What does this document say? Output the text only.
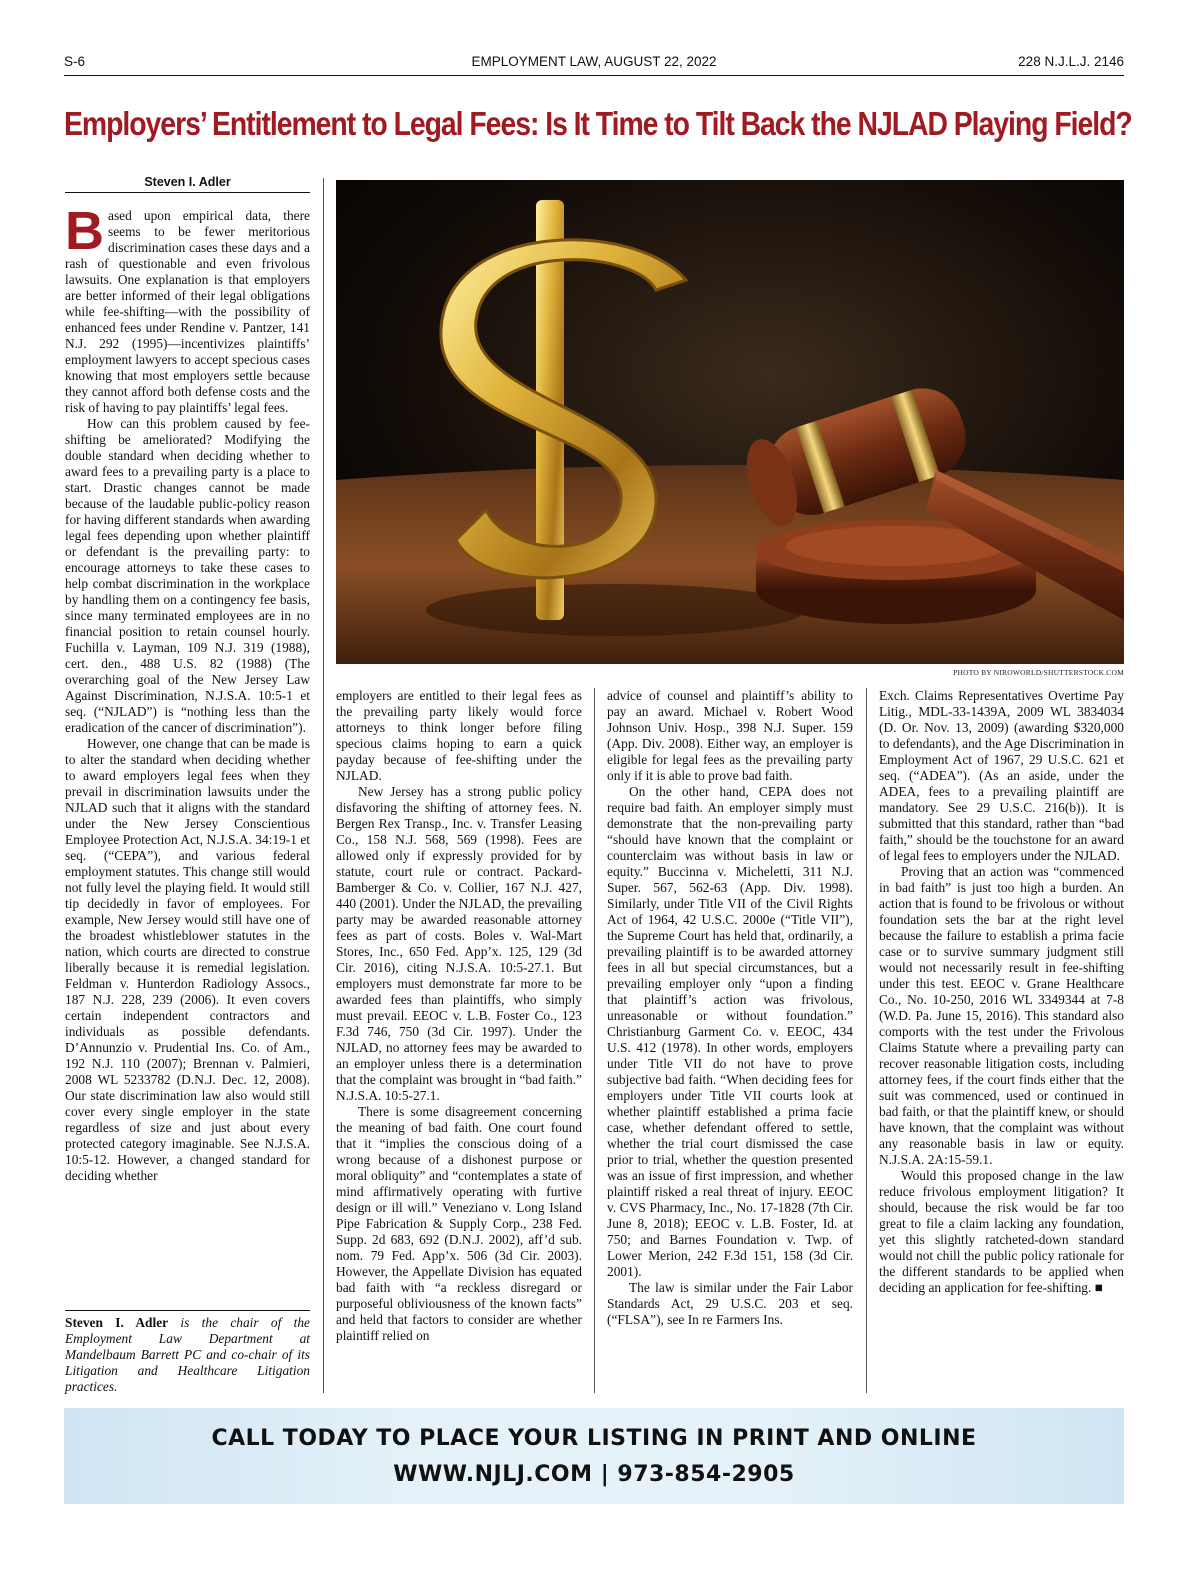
S-6	EMPLOYMENT LAW, AUGUST 22, 2022	228 N.J.L.J. 2146
Employers’ Entitlement to Legal Fees: Is It Time to Tilt Back the NJLAD Playing Field?
Steven I. Adler

Based upon empirical data, there seems to be fewer meritorious discrimination cases these days and a rash of questionable and even frivolous lawsuits. One explanation is that employers are better informed of their legal obligations while fee-shifting—with the possibility of enhanced fees under Rendine v. Pantzer, 141 N.J. 292 (1995)—incentivizes plaintiffs’ employment lawyers to accept specious cases knowing that most employers settle because they cannot afford both defense costs and the risk of having to pay plaintiffs’ legal fees.

How can this problem caused by fee-shifting be ameliorated? Modifying the double standard when deciding whether to award fees to a prevailing party is a place to start. Drastic changes cannot be made because of the laudable public-policy reason for having different standards when awarding legal fees depending upon whether plaintiff or defendant is the prevailing party: to encourage attorneys to take these cases to help combat discrimination in the workplace by handling them on a contingency fee basis, since many terminated employees are in no financial position to retain counsel hourly. Fuchilla v. Layman, 109 N.J. 319 (1988), cert. den., 488 U.S. 82 (1988) (The overarching goal of the New Jersey Law Against Discrimination, N.J.S.A. 10:5-1 et seq. (“NJLAD”) is “nothing less than the eradication of the cancer of discrimination”).

However, one change that can be made is to alter the standard when deciding whether to award employers legal fees when they prevail in discrimination lawsuits under the NJLAD such that it aligns with the standard under the New Jersey Conscientious Employee Protection Act, N.J.S.A. 34:19-1 et seq. (“CEPA”), and various federal employment statutes. This change still would not fully level the playing field. It would still tip decidedly in favor of employees. For example, New Jersey would still have one of the broadest whistleblower statutes in the nation, which courts are directed to construe liberally because it is remedial legislation. Feldman v. Hunterdon Radiology Assocs., 187 N.J. 228, 239 (2006). It even covers certain independent contractors and individuals as possible defendants. D’Annunzio v. Prudential Ins. Co. of Am., 192 N.J. 110 (2007); Brennan v. Palmieri, 2008 WL 5233782 (D.N.J. Dec. 12, 2008). Our state discrimination law also would still cover every single employer in the state regardless of size and just about every protected category imaginable. See N.J.S.A. 10:5-12. However, a changed standard for deciding whether

Steven I. Adler is the chair of the Employment Law Department at Mandelbaum Barrett PC and co-chair of its Litigation and Healthcare Litigation practices.
PHOTO BY NIROWORLD/SHUTTERSTOCK.COM

employers are entitled to their legal fees as the prevailing party likely would force attorneys to think longer before filing specious claims hoping to earn a quick payday because of fee-shifting under the NJLAD.

New Jersey has a strong public policy disfavoring the shifting of attorney fees. N. Bergen Rex Transp., Inc. v. Transfer Leasing Co., 158 N.J. 568, 569 (1998). Fees are allowed only if expressly provided for by statute, court rule or contract. Packard-Bamberger & Co. v. Collier, 167 N.J. 427, 440 (2001). Under the NJLAD, the prevailing party may be awarded reasonable attorney fees as part of costs. Boles v. Wal-Mart Stores, Inc., 650 Fed. App’x. 125, 129 (3d Cir. 2016), citing N.J.S.A. 10:5-27.1. But employers must demonstrate far more to be awarded fees than plaintiffs, who simply must prevail. EEOC v. L.B. Foster Co., 123 F.3d 746, 750 (3d Cir. 1997). Under the NJLAD, no attorney fees may be awarded to an employer unless there is a determination that the complaint was brought in “bad faith.” N.J.S.A. 10:5-27.1.

There is some disagreement concerning the meaning of bad faith. One court found that it “implies the conscious doing of a wrong because of a dishonest purpose or moral obliquity” and “contemplates a state of mind affirmatively operating with furtive design or ill will.” Veneziano v. Long Island Pipe Fabrication & Supply Corp., 238 Fed. Supp. 2d 683, 692 (D.N.J. 2002), aff’d sub. nom. 79 Fed. App’x. 506 (3d Cir. 2003). However, the Appellate Division has equated bad faith with “a reckless disregard or purposeful obliviousness of the known facts” and held that factors to consider are whether plaintiff relied on

advice of counsel and plaintiff’s ability to pay an award. Michael v. Robert Wood Johnson Univ. Hosp., 398 N.J. Super. 159 (App. Div. 2008). Either way, an employer is eligible for legal fees as the prevailing party only if it is able to prove bad faith.

On the other hand, CEPA does not require bad faith. An employer simply must demonstrate that the non-prevailing party “should have known that the complaint or counterclaim was without basis in law or equity.” Buccinna v. Micheletti, 311 N.J. Super. 567, 562-63 (App. Div. 1998). Similarly, under Title VII of the Civil Rights Act of 1964, 42 U.S.C. 2000e (“Title VII”), the Supreme Court has held that, ordinarily, a prevailing plaintiff is to be awarded attorney fees in all but special circumstances, but a prevailing employer only “upon a finding that plaintiff’s action was frivolous, unreasonable or without foundation.” Christianburg Garment Co. v. EEOC, 434 U.S. 412 (1978). In other words, employers under Title VII do not have to prove subjective bad faith. “When deciding fees for employers under Title VII courts look at whether plaintiff established a prima facie case, whether defendant offered to settle, whether the trial court dismissed the case prior to trial, whether the question presented was an issue of first impression, and whether plaintiff risked a real threat of injury. EEOC v. CVS Pharmacy, Inc., No. 17-1828 (7th Cir. June 8, 2018); EEOC v. L.B. Foster, Id. at 750; and Barnes Foundation v. Twp. of Lower Merion, 242 F.3d 151, 158 (3d Cir. 2001).

The law is similar under the Fair Labor Standards Act, 29 U.S.C. 203 et seq. (“FLSA”), see In re Farmers Ins.

Exch. Claims Representatives Overtime Pay Litig., MDL-33-1439A, 2009 WL 3834034 (D. Or. Nov. 13, 2009) (awarding $320,000 to defendants), and the Age Discrimination in Employment Act of 1967, 29 U.S.C. 621 et seq. (“ADEA”). (As an aside, under the ADEA, fees to a prevailing plaintiff are mandatory. See 29 U.S.C. 216(b)). It is submitted that this standard, rather than “bad faith,” should be the touchstone for an award of legal fees to employers under the NJLAD.

Proving that an action was “commenced in bad faith” is just too high a burden. An action that is found to be frivolous or without foundation sets the bar at the right level because the failure to establish a prima facie case or to survive summary judgment still would not necessarily result in fee-shifting under this test. EEOC v. Grane Healthcare Co., No. 10-250, 2016 WL 3349344 at 7-8 (W.D. Pa. June 15, 2016). This standard also comports with the test under the Frivolous Claims Statute where a prevailing party can recover reasonable litigation costs, including attorney fees, if the court finds either that the suit was commenced, used or continued in bad faith, or that the plaintiff knew, or should have known, that the complaint was without any reasonable basis in law or equity. N.J.S.A. 2A:15-59.1.

Would this proposed change in the law reduce frivolous employment litigation? It should, because the risk would be far too great to file a claim lacking any foundation, yet this slightly ratcheted-down standard would not chill the public policy rationale for the different standards to be applied when deciding an application for fee-shifting. ■

CALL TODAY TO PLACE YOUR LISTING IN PRINT AND ONLINE
WWW.NJLJ.COM | 973-854-2905
